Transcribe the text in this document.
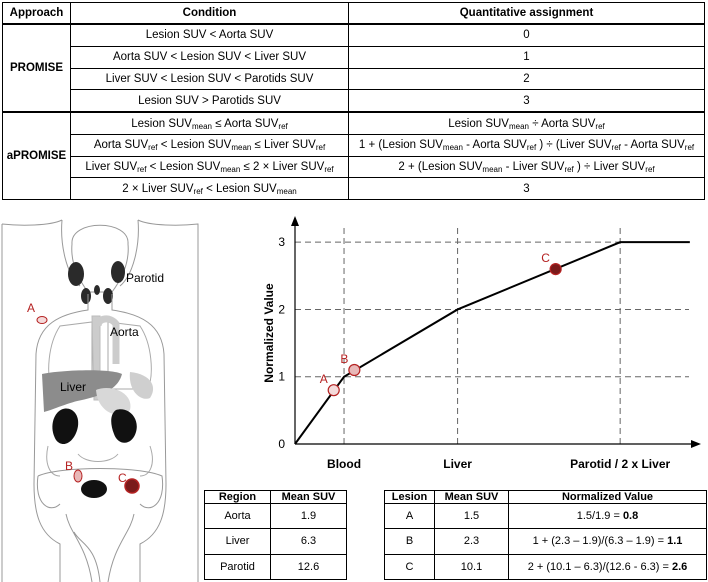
Approach	Condition	Quantitative assignment
PROMISE	Lesion SUV < Aorta SUV	0
	Aorta SUV < Lesion SUV < Liver SUV	1
	Liver SUV < Lesion SUV < Parotids SUV	2
	Lesion SUV > Parotids SUV	3
aPROMISE	Lesion $SUV_{mean}$ ≤ Aorta $SUV_{ref}$	Lesion $SUV_{mean}$ ÷ Aorta $SUV_{ref}$
	Aorta $SUV_{ref}$ < Lesion $SUV_{mean}$ ≤ Liver $SUV_{ref}$	1 + (Lesion $SUV_{mean}$ - Aorta $SUV_{ref}$ ) ÷ (Liver $SUV_{ref}$ - Aorta $SUV_{ref}$
	Liver $SUV_{ref}$ < Lesion $SUV_{mean} \le 2$ × Liver $SUV_{ref}$	2 + (Lesion $SUV_{mean}$ - Liver $SUV_{ref}$ ) ÷ Liver $SUV_{ref}$
	2 × Liver $SUV_{ref}$ < Lesion $SUV_{mean}$	3
Parotid
Aorta
Liver
A
B
C
A
B
C
0
1
2
3
Blood	Liver	Parotid / 2 x Liver
Normalized Value
Region	Mean SUV
Aorta	1.9
Liver	6.3
Parotid	12.6
Lesion	Mean SUV	Normalized Value
A	1.5	1.5/1.9 = 0.8
B	2.3	1 + (2.3 – 1.9)/(6.3 – 1.9) = 1.1
C	10.1	2 + (10.1 – 6.3)/(12.6 - 6.3) = 2.6
